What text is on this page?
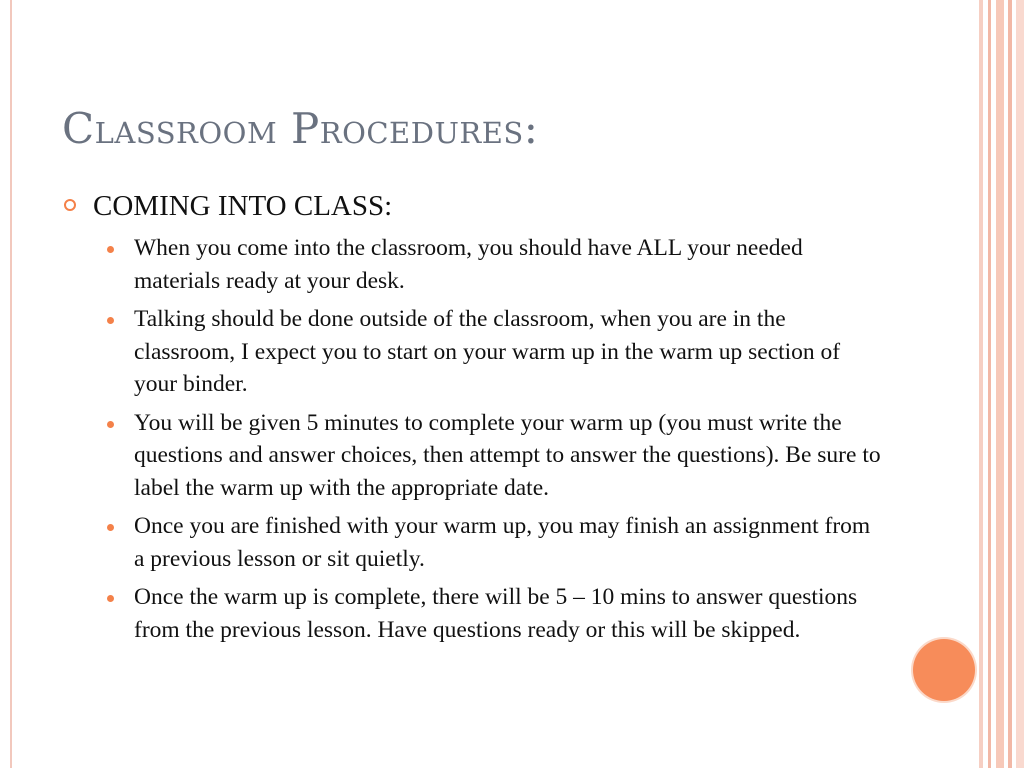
Classroom Procedures:
COMING INTO CLASS:
When you come into the classroom, you should have ALL your needed materials ready at your desk.
Talking should be done outside of the classroom, when you are in the classroom, I expect you to start on your warm up in the warm up section of your binder.
You will be given 5 minutes to complete your warm up (you must write the questions and answer choices, then attempt to answer the questions). Be sure to label the warm up with the appropriate date.
Once you are finished with your warm up, you may finish an assignment from a previous lesson or sit quietly.
Once the warm up is complete, there will be 5 – 10 mins to answer questions from the previous lesson. Have questions ready or this will be skipped.
